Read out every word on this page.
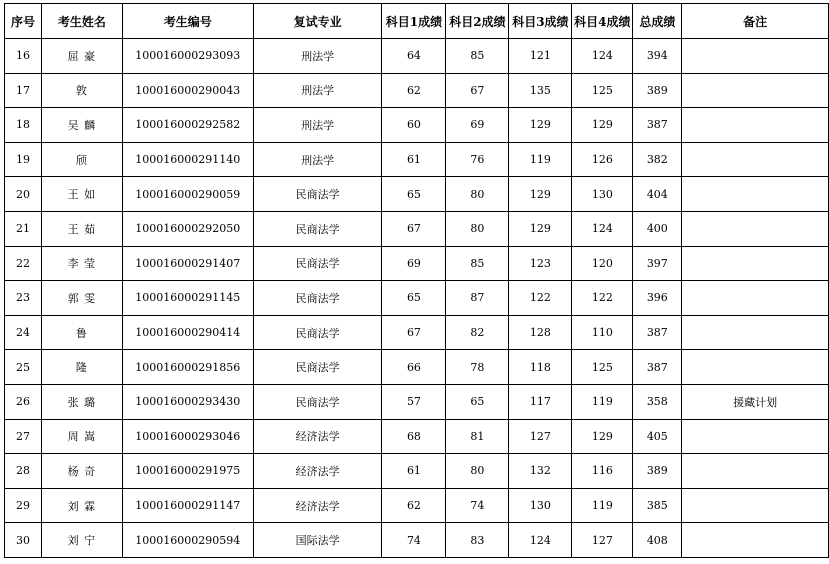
序号	考生姓名	考生编号	复试专业	科目1成绩	科目2成绩	科目3成绩	科目4成绩	总成绩	备注
16	屈 豪	100016000293093	刑法学	64	85	121	124	394	
17	敦	100016000290043	刑法学	62	67	135	125	389	
18	吴 麟	100016000292582	刑法学	60	69	129	129	387	
19	颀	100016000291140	刑法学	61	76	119	126	382	
20	王 如	100016000290059	民商法学	65	80	129	130	404	
21	王 茹	100016000292050	民商法学	67	80	129	124	400	
22	李 莹	100016000291407	民商法学	69	85	123	120	397	
23	郭 雯	100016000291145	民商法学	65	87	122	122	396	
24	鲁	100016000290414	民商法学	67	82	128	110	387	
25	隆	100016000291856	民商法学	66	78	118	125	387	
26	张 璐	100016000293430	民商法学	57	65	117	119	358	援藏计划
27	周 嵩	100016000293046	经济法学	68	81	127	129	405	
28	杨 奇	100016000291975	经济法学	61	80	132	116	389	
29	刘 霖	100016000291147	经济法学	62	74	130	119	385	
30	刘 宁	100016000290594	国际法学	74	83	124	127	408	
